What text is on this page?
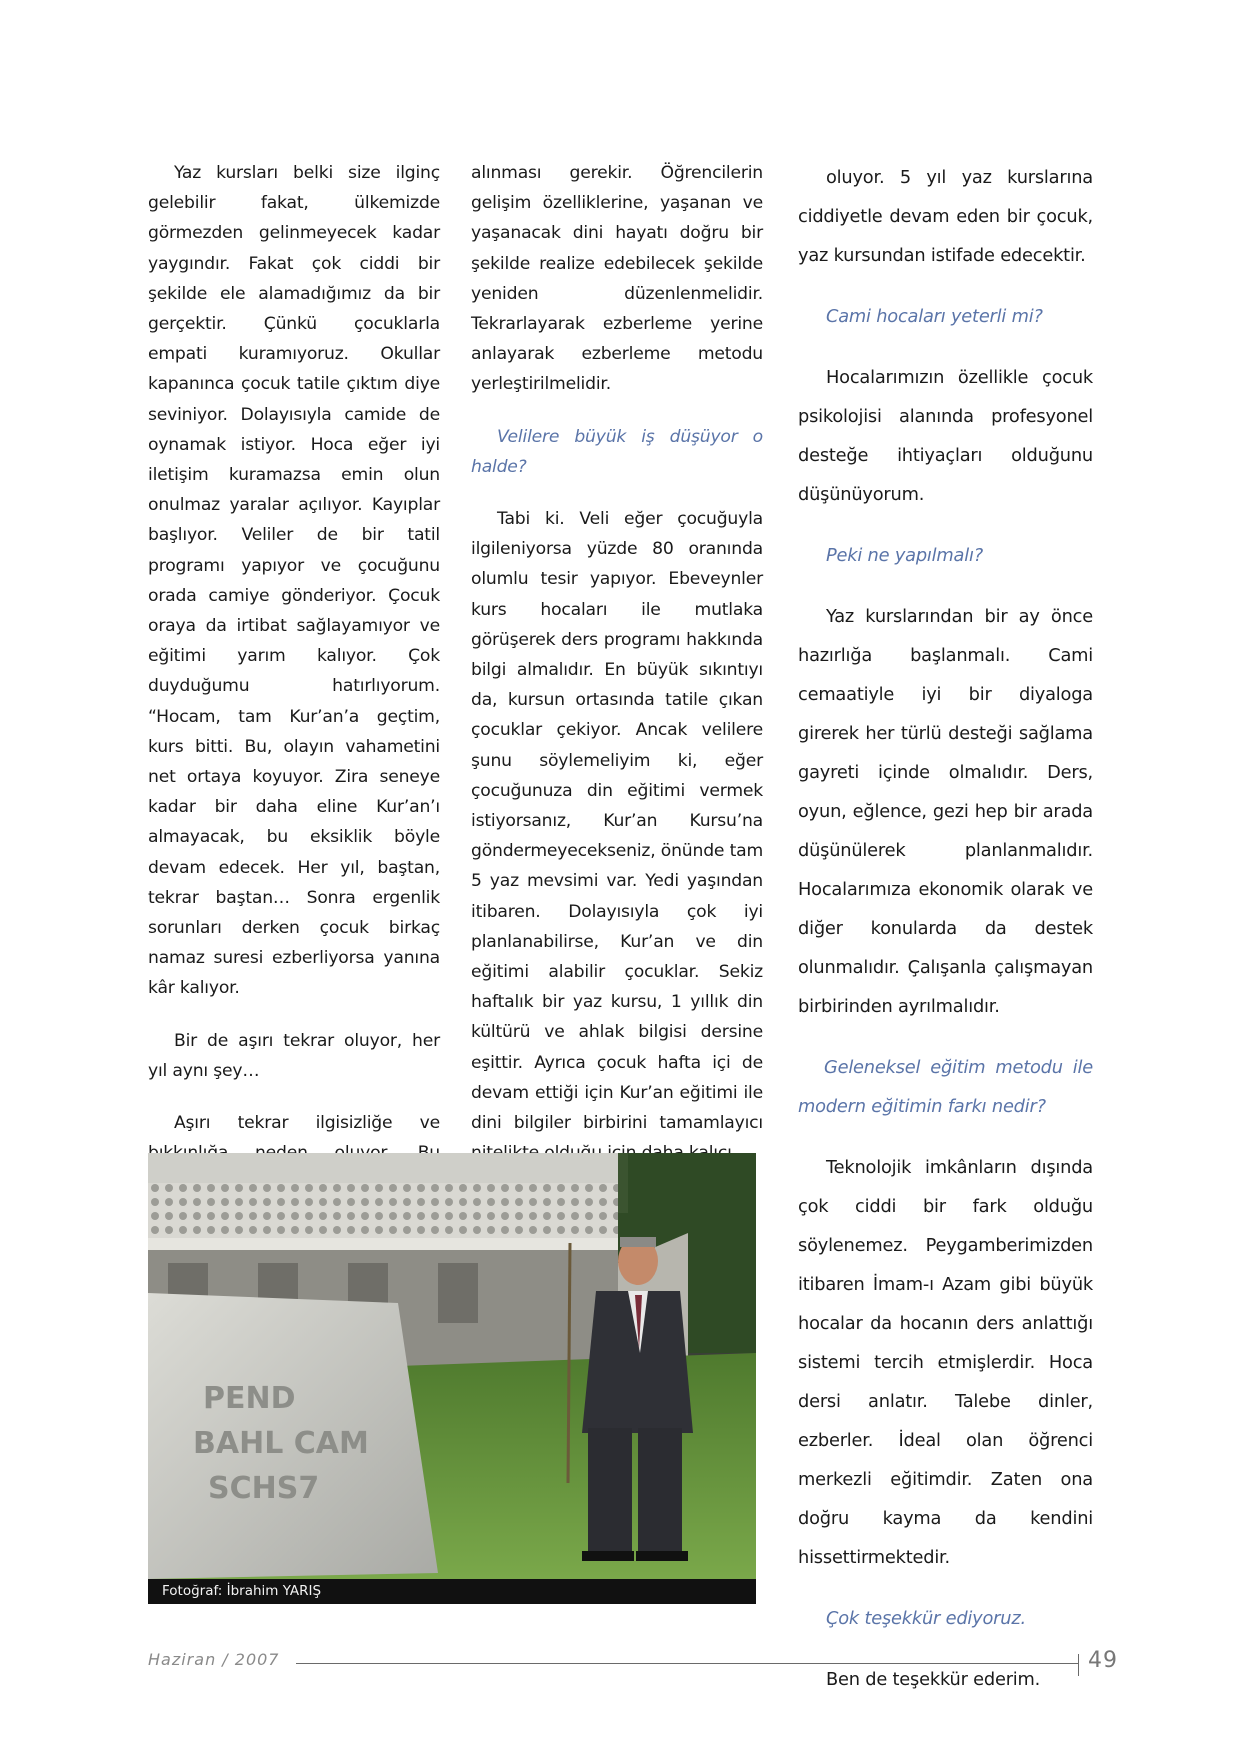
Yaz kursları belki size ilginç gelebilir fakat, ülkemizde görmezden gelinmeyecek kadar yaygındır. Fakat çok ciddi bir şekilde ele alamadığımız da bir gerçektir. Çünkü çocuklarla empati kuramıyoruz. Okullar kapanınca çocuk tatile çıktım diye seviniyor. Dolayısıyla camide de oynamak istiyor. Hoca eğer iyi iletişim kuramazsa emin olun onulmaz yaralar açılıyor. Kayıplar başlıyor. Veliler de bir tatil programı yapıyor ve çocuğunu orada camiye gönderiyor. Çocuk oraya da irtibat sağlayamıyor ve eğitimi yarım kalıyor. Çok duyduğumu hatırlıyorum. “Hocam, tam Kur’an’a geçtim, kurs bitti. Bu, olayın vahametini net ortaya koyuyor. Zira seneye kadar bir daha eline Kur’an’ı almayacak, bu eksiklik böyle devam edecek. Her yıl, baştan, tekrar baştan… Sonra ergenlik sorunları derken çocuk birkaç namaz suresi ezberliyorsa yanına kâr kalıyor.

Bir de aşırı tekrar oluyor, her yıl aynı şey…

Aşırı tekrar ilgisizliğe ve

alınması gerekir. Öğrencilerin gelişim özelliklerine, yaşanan ve yaşanacak dini hayatı doğru bir şekilde realize edebilecek şekilde yeniden düzenlenmelidir. Tekrarlayarak ezberleme yerine anlayarak ezberleme metodu yerleştirilmelidir.

Velilere büyük iş düşüyor o halde?

Tabi ki. Veli eğer çocuğuyla ilgileniyorsa yüzde 80 oranında olumlu tesir yapıyor. Ebeveynler kurs hocaları ile mutlaka görüşerek ders programı hakkında bilgi almalıdır. En büyük sıkıntıyı da, kursun ortasında tatile çıkan çocuklar çekiyor. Ancak velilere şunu söylemeliyim ki, eğer çocuğunuza din eğitimi vermek istiyorsanız, Kur’an Kursu’na göndermeyecekseniz, önünde tam 5 yaz mevsimi var. Yedi yaşından itibaren. Dolayısıyla çok iyi planlanabilirse, Kur’an ve din eğitimi alabilir çocuklar. Sekiz haftalık bir yaz kursu, 1 yıllık din kültürü ve ahlak bilgisi dersine eşittir. Ayrıca çocuk hafta içi de devam ettiği için Kur’an eğitimi ile dini bilgiler birbirini tamamlayıcı

oluyor. 5 yıl yaz kurslarına ciddiyetle devam eden bir çocuk, yaz kursundan istifade edecektir.

Cami hocaları yeterli mi?

Hocalarımızın özellikle çocuk psikolojisi alanında profesyonel desteğe ihtiyaçları olduğunu düşünüyorum.

Peki ne yapılmalı?

Yaz kurslarından bir ay önce hazırlığa başlanmalı. Cami cemaatiyle iyi bir diyaloga girerek her türlü desteği sağlama gayreti içinde olmalıdır. Ders, oyun, eğlence, gezi hep bir arada düşünülerek planlanmalıdır. Hocalarımıza ekonomik olarak ve diğer konularda da destek olunmalıdır. Çalışanla çalışmayan birbirinden ayrılmalıdır.

Geleneksel eğitim metodu ile modern eğitimin farkı nedir?

Teknolojik imkânların dışında çok ciddi bir fark olduğu söylenemez. Peygamberimizden itibaren İmam-ı Azam gibi büyük hocalar da hocanın ders anlattığı sistemi tercih etmişlerdir. Hoca dersi anlatır. Talebe dinler, ezberler. İdeal olan öğrenci merkezli eğitimdir. Zaten ona doğru kayma da kendini hissettirmektedir.

Çok teşekkür ediyoruz.

Ben de teşekkür ederim.

PEND
BAHL CAM
SCHS7
Fotoğraf: İbrahim YARIŞ
Haziran / 2007	49
